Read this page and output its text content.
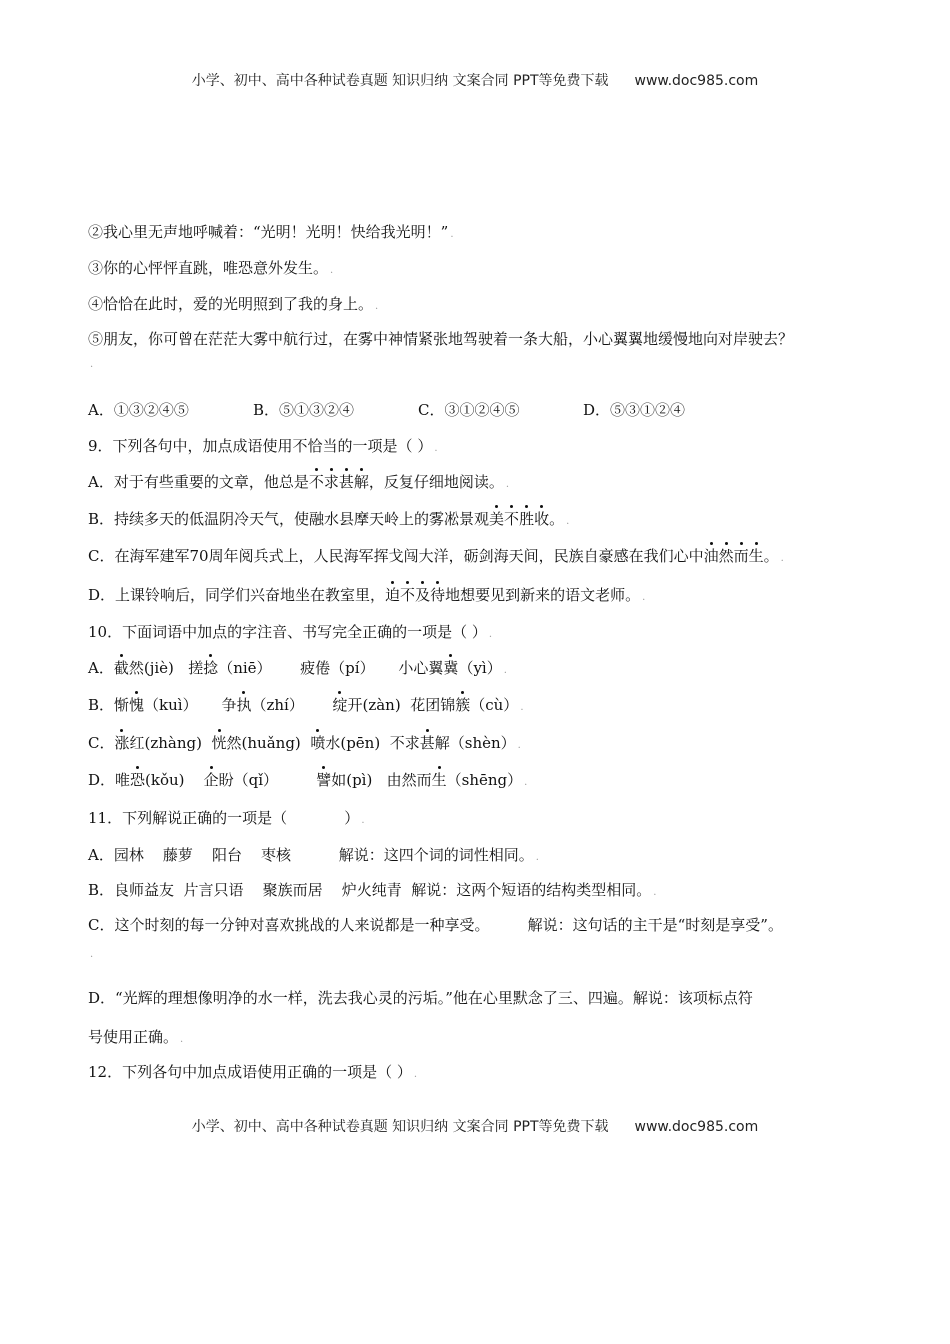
小学、初中、高中各种试卷真题 知识归纳 文案合同 PPT等免费下载 www.doc985.com
②我心里无声地呼喊着：“光明！光明！快给我光明！” .
③你的心怦怦直跳，唯恐意外发生。 .
④恰恰在此时，爱的光明照到了我的身上。 .
⑤朋友，你可曾在茫茫大雾中航行过，在雾中神情紧张地驾驶着一条大船，小心翼翼地缓慢地向对岸驶去？
.
A．①③②④⑤	B．⑤①③②④	C．③①②④⑤	D．⑤③①②④
9．下列各句中，加点成语使用不恰当的一项是（ ） .
A．对于有些重要的文章，他总是不求甚解，反复仔细地阅读。 .
B．持续多天的低温阴冷天气，使融水县摩天岭上的雾凇景观美不胜收。 .
C．在海军建军70周年阅兵式上，人民海军挥戈闯大洋，砺剑海天间，民族自豪感在我们心中油然而生。 .
D．上课铃响后，同学们兴奋地坐在教室里，迫不及待地想要见到新来的语文老师。 .
10．下面词语中加点的字注音、书写完全正确的一项是（ ） .
A．截然(jiè)   搓捻（niē）      疲倦（pí）     小心翼冀（yì） .
B．惭愧（kuì）     争执（zhí） 绽开(zàn)  花团锦簇（cù） .
C．涨红(zhàng) 恍然(huǎng) 喷水(pēn)  不求甚解（shèn） .
D．唯恐(kǒu) 企盼（qǐ）	譬如(pì)   由然而生（shēng） .
11．下列解说正确的一项是（            ） .
A．园林    藤萝    阳台    枣核          解说：这四个词的词性相同。 .
B．良师益友  片言只语    聚族而居    炉火纯青  解说：这两个短语的结构类型相同。 .
C．这个时刻的每一分钟对喜欢挑战的人来说都是一种享受。        解说：这句话的主干是“时刻是享受”。
.
D．“光辉的理想像明净的水一样，洗去我心灵的污垢。”他在心里默念了三、四遍。解说：该项标点符
号使用正确。 .
12．下列各句中加点成语使用正确的一项是（ ） .
小学、初中、高中各种试卷真题 知识归纳 文案合同 PPT等免费下载 www.doc985.com
